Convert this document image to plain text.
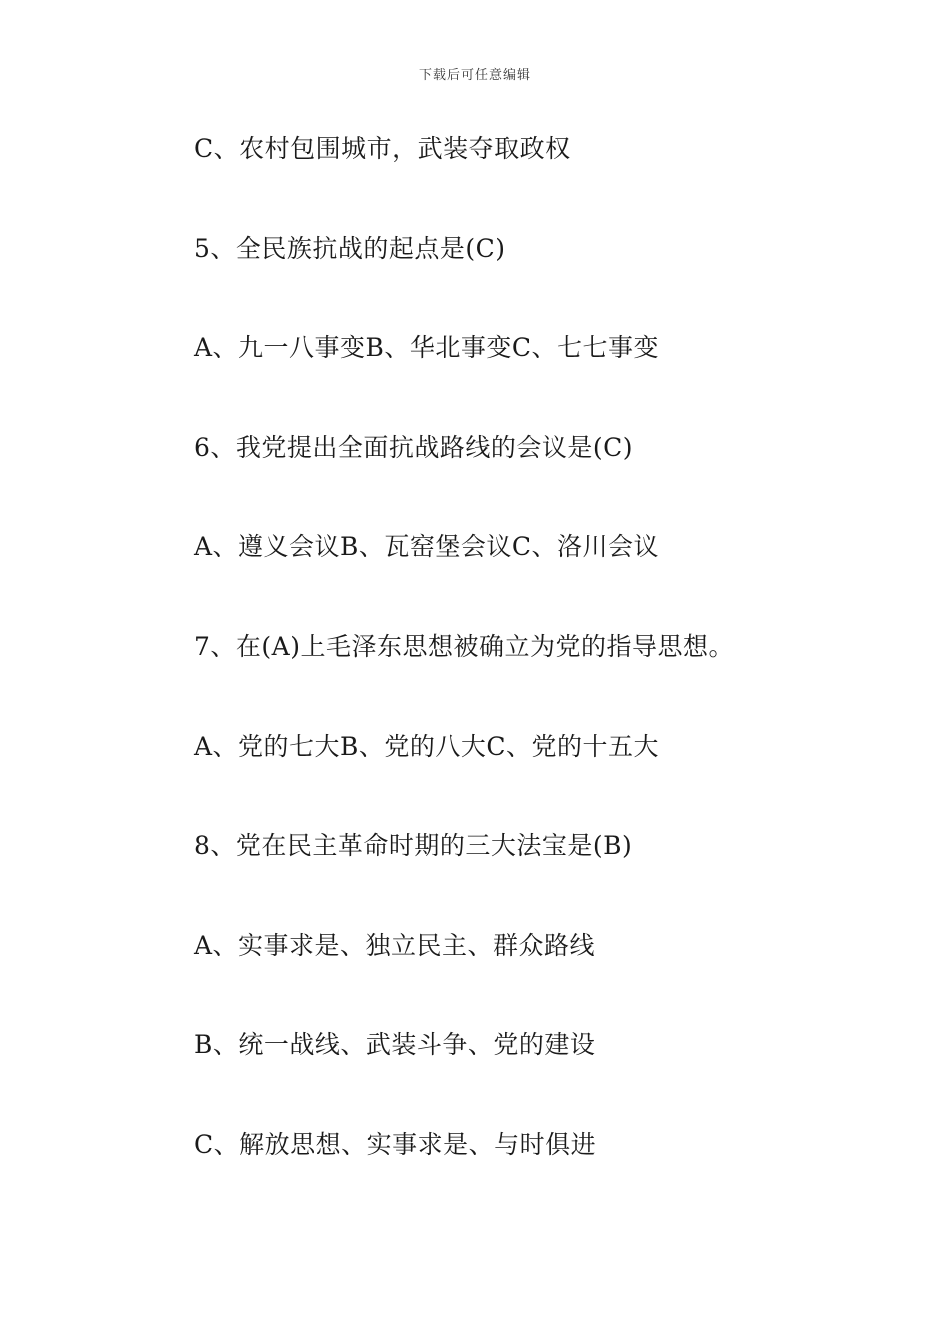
下载后可任意编辑
C、农村包围城市，武装夺取政权
5、全民族抗战的起点是(C)
A、九一八事变B、华北事变C、七七事变
6、我党提出全面抗战路线的会议是(C)
A、遵义会议B、瓦窑堡会议C、洛川会议
7、在(A)上毛泽东思想被确立为党的指导思想。
A、党的七大B、党的八大C、党的十五大
8、党在民主革命时期的三大法宝是(B)
A、实事求是、独立民主、群众路线
B、统一战线、武装斗争、党的建设
C、解放思想、实事求是、与时俱进
